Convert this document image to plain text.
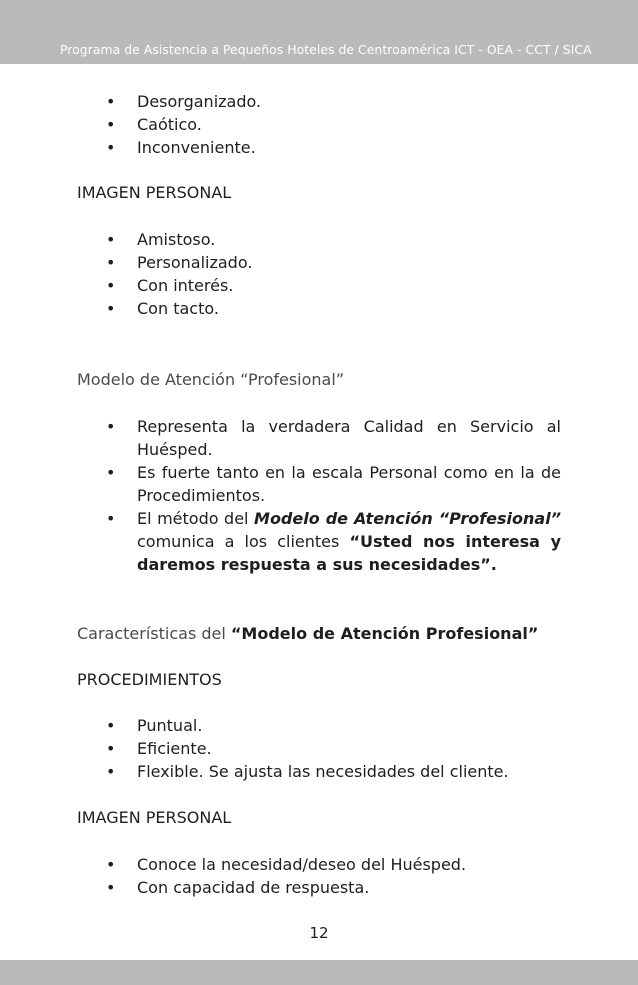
Programa de Asistencia a Pequeños Hoteles de Centroamérica ICT - OEA - CCT / SICA
• Desorganizado.
• Caótico.
• Inconveniente.
IMAGEN PERSONAL
• Amistoso.
• Personalizado.
• Con interés.
• Con tacto.
Modelo de Atención “Profesional”
• Representa la verdadera Calidad en Servicio al Huésped.
• Es fuerte tanto en la escala Personal como en la de Procedimientos.
• El método del Modelo de Atención “Profesional” comunica a los clientes “Usted nos interesa y daremos respuesta a sus necesidades”.
Características del “Modelo de Atención Profesional”
PROCEDIMIENTOS
• Puntual.
• Eficiente.
• Flexible. Se ajusta las necesidades del cliente.
IMAGEN PERSONAL
• Conoce la necesidad/deseo del Huésped.
• Con capacidad de respuesta.
12
